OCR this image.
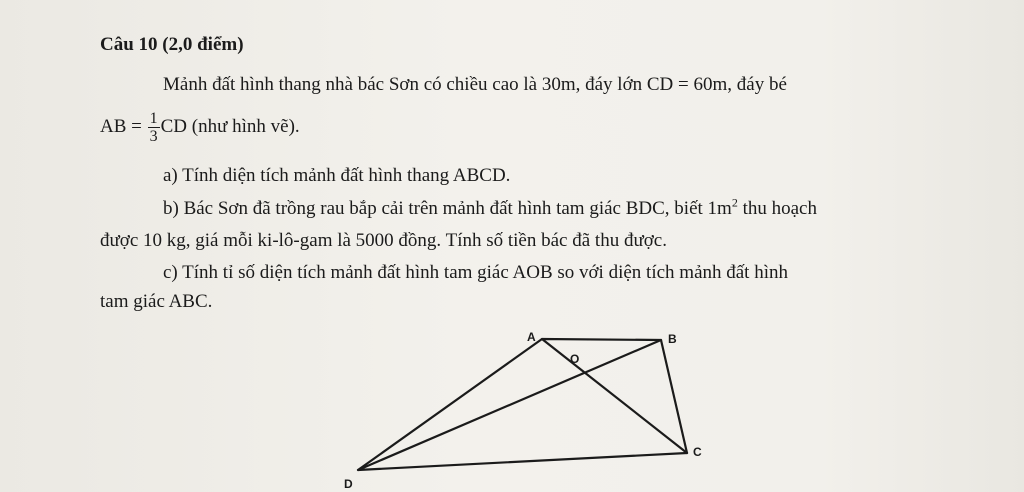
Câu 10 (2,0 điểm)
Mảnh đất hình thang nhà bác Sơn có chiều cao là 30m, đáy lớn CD = 60m, đáy bé
AB = $\frac{1}{3}$ CD (như hình vẽ).
a) Tính diện tích mảnh đất hình thang ABCD.
b) Bác Sơn đã trồng rau bắp cải trên mảnh đất hình tam giác BDC, biết $1m^2$ thu hoạch
được 10 kg, giá mỗi ki-lô-gam là 5000 đồng. Tính số tiền bác đã thu được.
c) Tính tỉ số diện tích mảnh đất hình tam giác AOB so với diện tích mảnh đất hình
tam giác ABC.
A	B
O
C
D
